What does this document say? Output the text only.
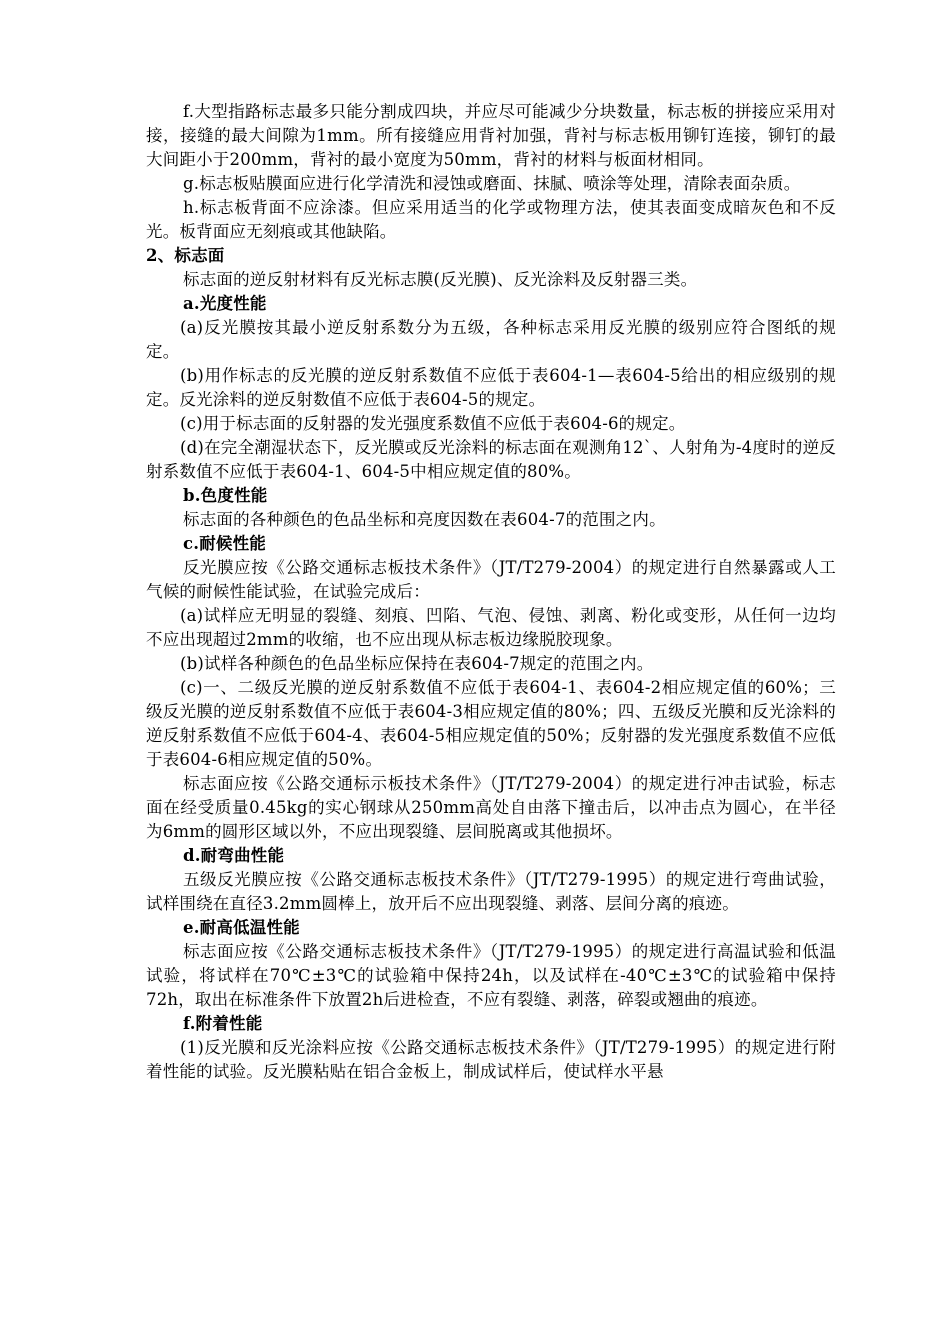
f.大型指路标志最多只能分割成四块，并应尽可能减少分块数量，标志板的拼接应采用对接，接缝的最大间隙为1mm。所有接缝应用背衬加强，背衬与标志板用铆钉连接，铆钉的最大间距小于200mm，背衬的最小宽度为50mm，背衬的材料与板面材相同。

g.标志板贴膜面应进行化学清洗和浸蚀或磨面、抹腻、喷涂等处理，清除表面杂质。

h.标志板背面不应涂漆。但应采用适当的化学或物理方法，使其表面变成暗灰色和不反光。板背面应无刻痕或其他缺陷。

2、标志面

标志面的逆反射材料有反光标志膜(反光膜)、反光涂料及反射器三类。

a.光度性能

(a)反光膜按其最小逆反射系数分为五级，各种标志采用反光膜的级别应符合图纸的规定。

(b)用作标志的反光膜的逆反射系数值不应低于表604-1—表604-5给出的相应级别的规定。反光涂料的逆反射数值不应低于表604-5的规定。

(c)用于标志面的反射器的发光强度系数值不应低于表604-6的规定。

(d)在完全潮湿状态下，反光膜或反光涂料的标志面在观测角12`、人射角为-4度时的逆反射系数值不应低于表604-1、604-5中相应规定值的80%。

b.色度性能

标志面的各种颜色的色品坐标和亮度因数在表604-7的范围之内。

c.耐候性能

反光膜应按《公路交通标志板技术条件》（JT/T279-2004）的规定进行自然暴露或人工气候的耐候性能试验，在试验完成后：

(a)试样应无明显的裂缝、刻痕、凹陷、气泡、侵蚀、剥离、粉化或变形，从任何一边均不应出现超过2mm的收缩，也不应出现从标志板边缘脱胶现象。

(b)试样各种颜色的色品坐标应保持在表604-7规定的范围之内。

(c)一、二级反光膜的逆反射系数值不应低于表604-1、表604-2相应规定值的60%；三级反光膜的逆反射系数值不应低于表604-3相应规定值的80%；四、五级反光膜和反光涂料的逆反射系数值不应低于604-4、表604-5相应规定值的50%；反射器的发光强度系数值不应低于表604-6相应规定值的50%。

标志面应按《公路交通标示板技术条件》（JT/T279-2004）的规定进行冲击试验，标志面在经受质量0.45kg的实心钢球从250mm高处自由落下撞击后，以冲击点为圆心，在半径为6mm的圆形区域以外，不应出现裂缝、层间脱离或其他损坏。

d.耐弯曲性能

五级反光膜应按《公路交通标志板技术条件》（JT/T279-1995）的规定进行弯曲试验，试样围绕在直径3.2mm圆棒上，放开后不应出现裂缝、剥落、层间分离的痕迹。

e.耐高低温性能

标志面应按《公路交通标志板技术条件》（JT/T279-1995）的规定进行高温试验和低温试验，将试样在70℃±3℃的试验箱中保持24h，以及试样在-40℃±3℃的试验箱中保持72h，取出在标准条件下放置2h后进检查，不应有裂缝、剥落，碎裂或翘曲的痕迹。

f.附着性能

(1)反光膜和反光涂料应按《公路交通标志板技术条件》（JT/T279-1995）的规定进行附着性能的试验。反光膜粘贴在铝合金板上，制成试样后，使试样水平悬
